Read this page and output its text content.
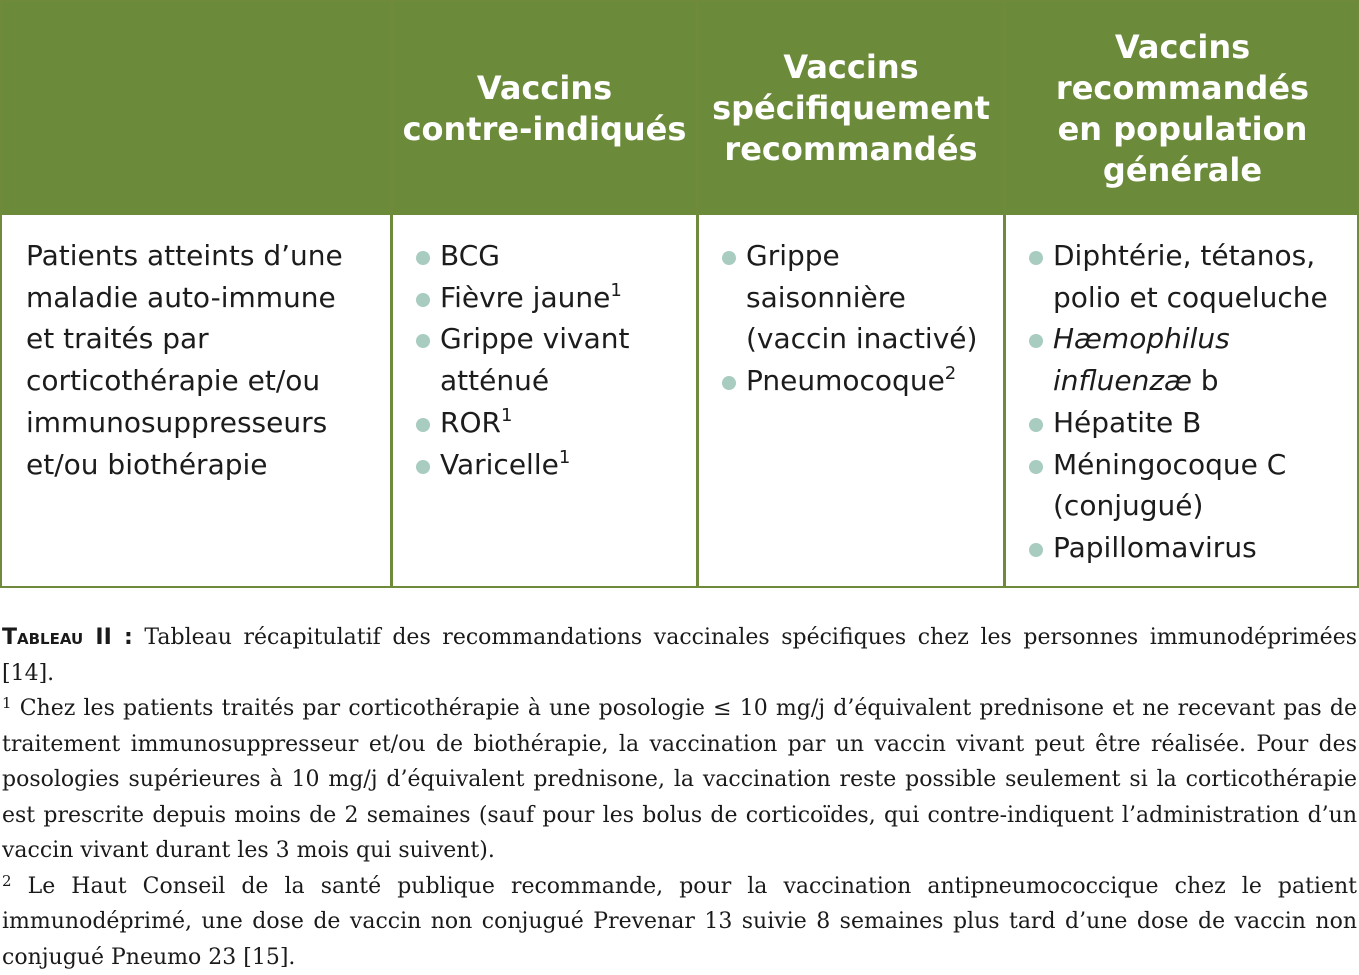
Vaccins
contre-indiqués
Vaccins
spécifiquement
recommandés
Vaccins
recommandés
en population
générale
Patients atteints d’une
maladie auto-immune
et traités par
corticothérapie et/ou
immunosuppresseurs
et/ou biothérapie
BCG
Fièvre jaune$^1$
Grippe vivant
atténué
ROR$^1$
Varicelle$^1$
Grippe
saisonnière
(vaccin inactivé)
Pneumocoque$^2$
Diphtérie, tétanos,
polio et coqueluche
Hæmophilus
influenzæ b
Hépatite B
Méningocoque C
(conjugué)
Papillomavirus

Tableau II : Tableau récapitulatif des recommandations vaccinales spécifiques chez les personnes immunodéprimées [14].

$^1$ Chez les patients traités par corticothérapie à une posologie ≤ 10 mg/j d’équivalent prednisone et ne recevant pas de traitement immunosuppresseur et/ou de biothérapie, la vaccination par un vaccin vivant peut être réalisée. Pour des posologies supérieures à 10 mg/j d’équivalent prednisone, la vaccination reste possible seulement si la corticothérapie est prescrite depuis moins de 2 semaines (sauf pour les bolus de corticoïdes, qui contre-indiquent l’administration d’un vaccin vivant durant les 3 mois qui suivent).

$^2$ Le Haut Conseil de la santé publique recommande, pour la vaccination antipneumococcique chez le patient immunodéprimé, une dose de vaccin non conjugué Prevenar 13 suivie 8 semaines plus tard d’une dose de vaccin non conjugué Pneumo 23 [15].
